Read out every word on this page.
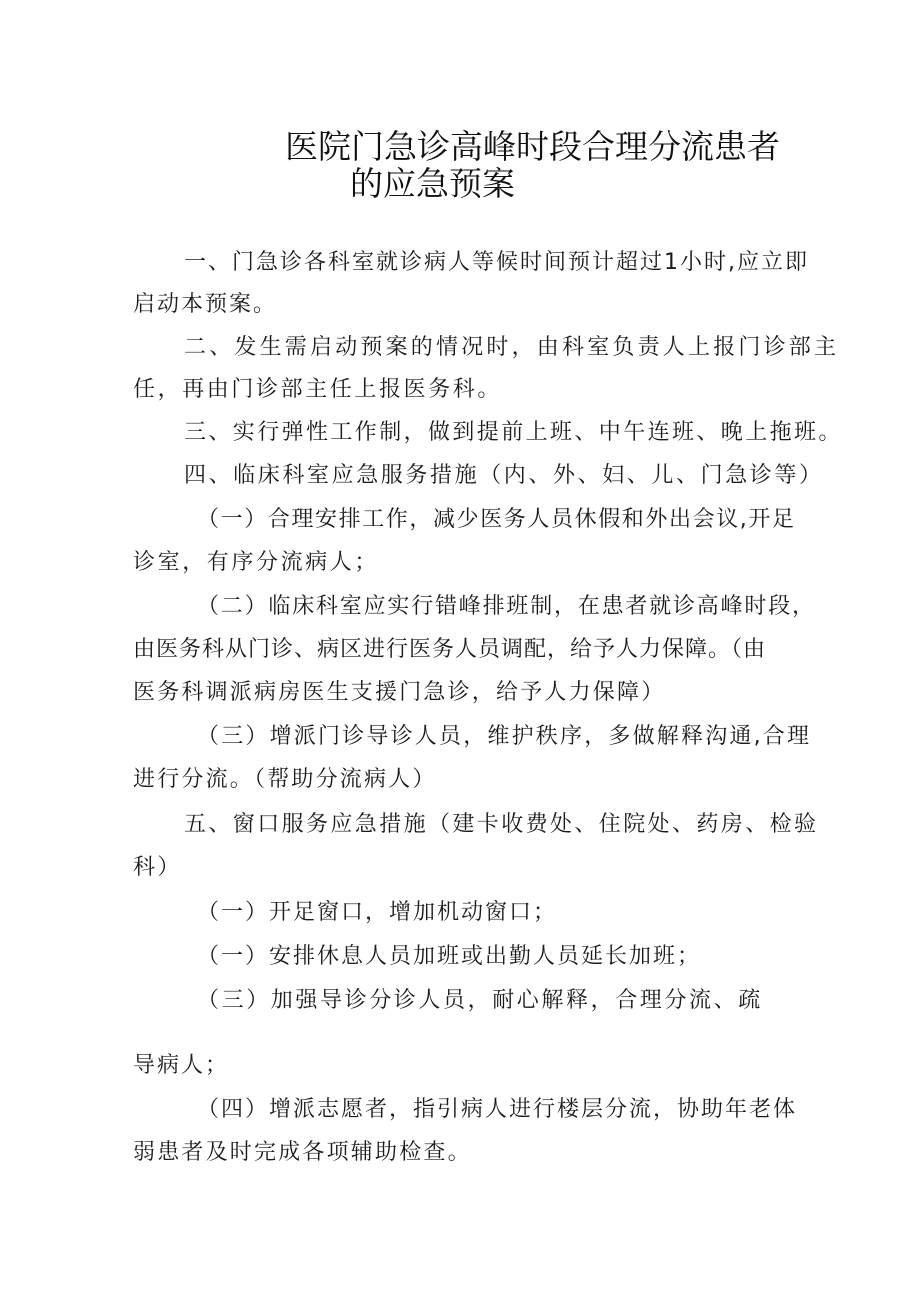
医院门急诊高峰时段合理分流患者
的应急预案
一、门急诊各科室就诊病人等候时间预计超过1小时,应立即
启动本预案。
二、发生需启动预案的情况时，由科室负责人上报门诊部主
任，再由门诊部主任上报医务科。
三、实行弹性工作制，做到提前上班、中午连班、晚上拖班。
四、临床科室应急服务措施（内、外、妇、儿、门急诊等）
（一）合理安排工作，减少医务人员休假和外出会议,开足
诊室，有序分流病人；
（二）临床科室应实行错峰排班制，在患者就诊高峰时段，
由医务科从门诊、病区进行医务人员调配，给予人力保障。（由
医务科调派病房医生支援门急诊，给予人力保障）
（三）增派门诊导诊人员，维护秩序，多做解释沟通,合理
进行分流。（帮助分流病人）
五、窗口服务应急措施（建卡收费处、住院处、药房、检验
科）
（一）开足窗口，增加机动窗口；
（一）安排休息人员加班或出勤人员延长加班；
（三）加强导诊分诊人员，耐心解释，合理分流、疏
导病人；
（四）增派志愿者，指引病人进行楼层分流，协助年老体
弱患者及时完成各项辅助检查。
